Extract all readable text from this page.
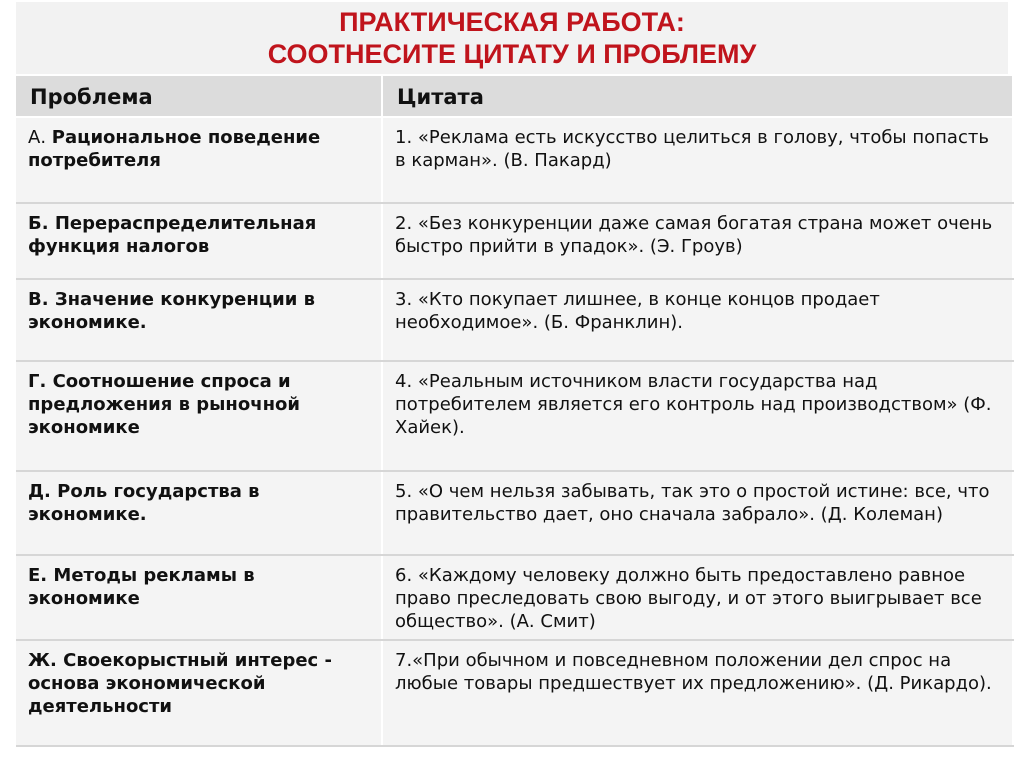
ПРАКТИЧЕСКАЯ РАБОТА:
СООТНЕСИТЕ ЦИТАТУ И ПРОБЛЕМУ
Проблема	Цитата
А. Рациональное поведение потребителя	1. «Реклама есть искусство целиться в голову, чтобы попасть в карман». (В. Пакард)
Б. Перераспределительная функция налогов	2. «Без конкуренции даже самая богатая страна может очень быстро прийти в упадок». (Э. Гроув)
В. Значение конкуренции в экономике.	3. «Кто покупает лишнее, в конце концов продает необходимое». (Б. Франклин).
Г. Соотношение спроса и предложения в рыночной экономике	4. «Реальным источником власти государства над потребителем является его контроль над производством» (Ф. Хайек).
Д. Роль государства в экономике.	5. «О чем нельзя забывать, так это о простой истине: все, что правительство дает, оно сначала забрало». (Д. Колеман)
Е. Методы рекламы в экономике	6. «Каждому человеку должно быть предоставлено равное право преследовать свою выгоду, и от этого выигрывает все общество». (А. Смит)
Ж. Своекорыстный интерес - основа экономической деятельности	7.«При обычном и повседневном положении дел спрос на любые товары предшествует их предложению». (Д. Рикардо).
